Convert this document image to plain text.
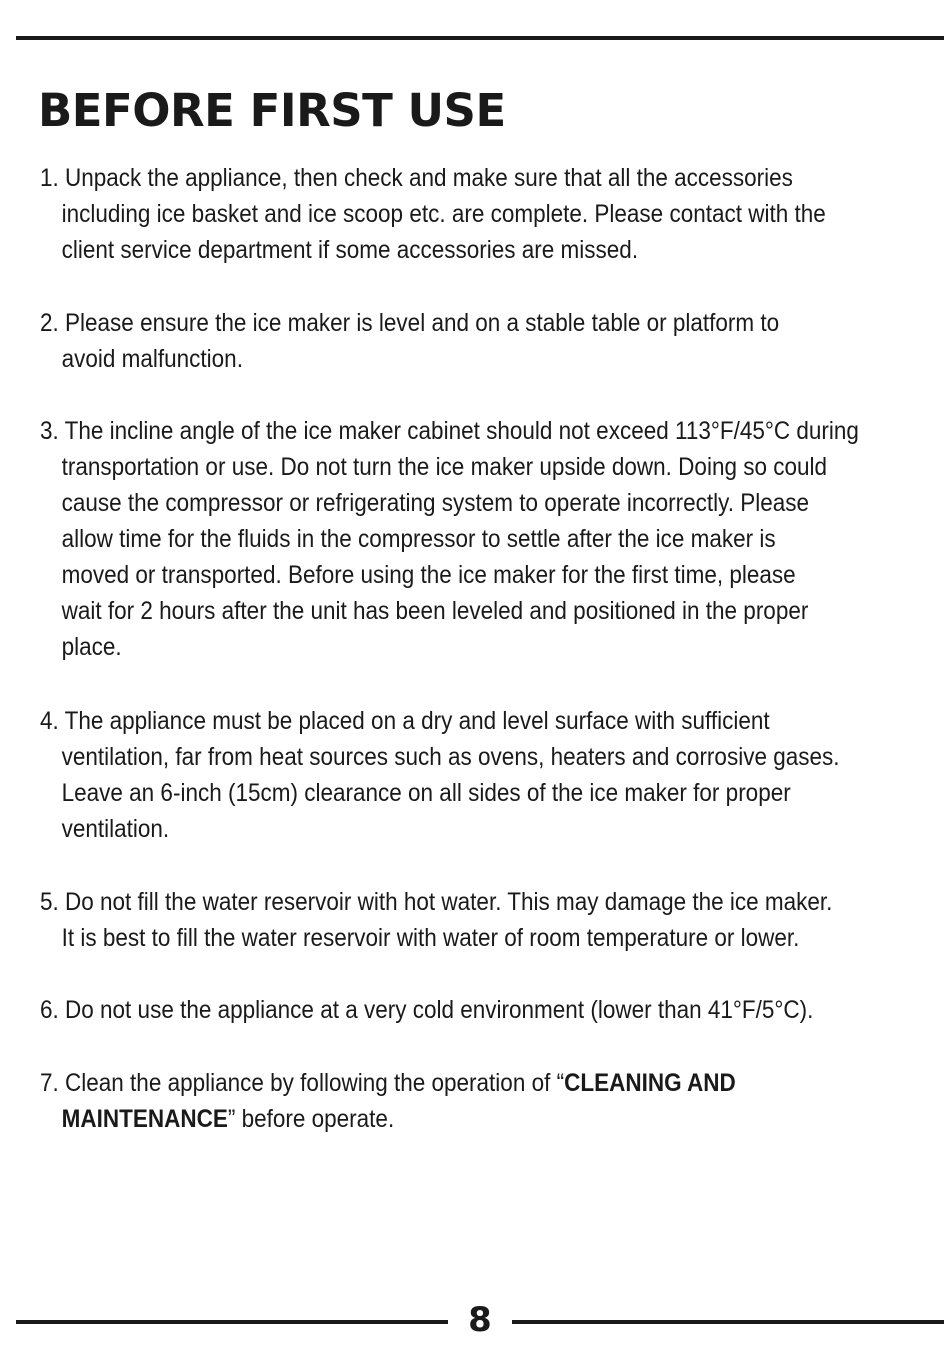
BEFORE FIRST USE
1. Unpack the appliance, then check and make sure that all the accessories
including ice basket and ice scoop etc. are complete. Please contact with the
client service department if some accessories are missed.
2. Please ensure the ice maker is level and on a stable table or platform to
avoid malfunction.
3. The incline angle of the ice maker cabinet should not exceed 113°F/45°C during
transportation or use. Do not turn the ice maker upside down. Doing so could
cause the compressor or refrigerating system to operate incorrectly. Please
allow time for the fluids in the compressor to settle after the ice maker is
moved or transported. Before using the ice maker for the first time, please
wait for 2 hours after the unit has been leveled and positioned in the proper
place.
4. The appliance must be placed on a dry and level surface with sufficient
ventilation, far from heat sources such as ovens, heaters and corrosive gases.
Leave an 6-inch (15cm) clearance on all sides of the ice maker for proper
ventilation.
5. Do not fill the water reservoir with hot water. This may damage the ice maker.
It is best to fill the water reservoir with water of room temperature or lower.
6. Do not use the appliance at a very cold environment (lower than 41°F/5°C).
7. Clean the appliance by following the operation of “CLEANING AND
MAINTENANCE” before operate.
8
